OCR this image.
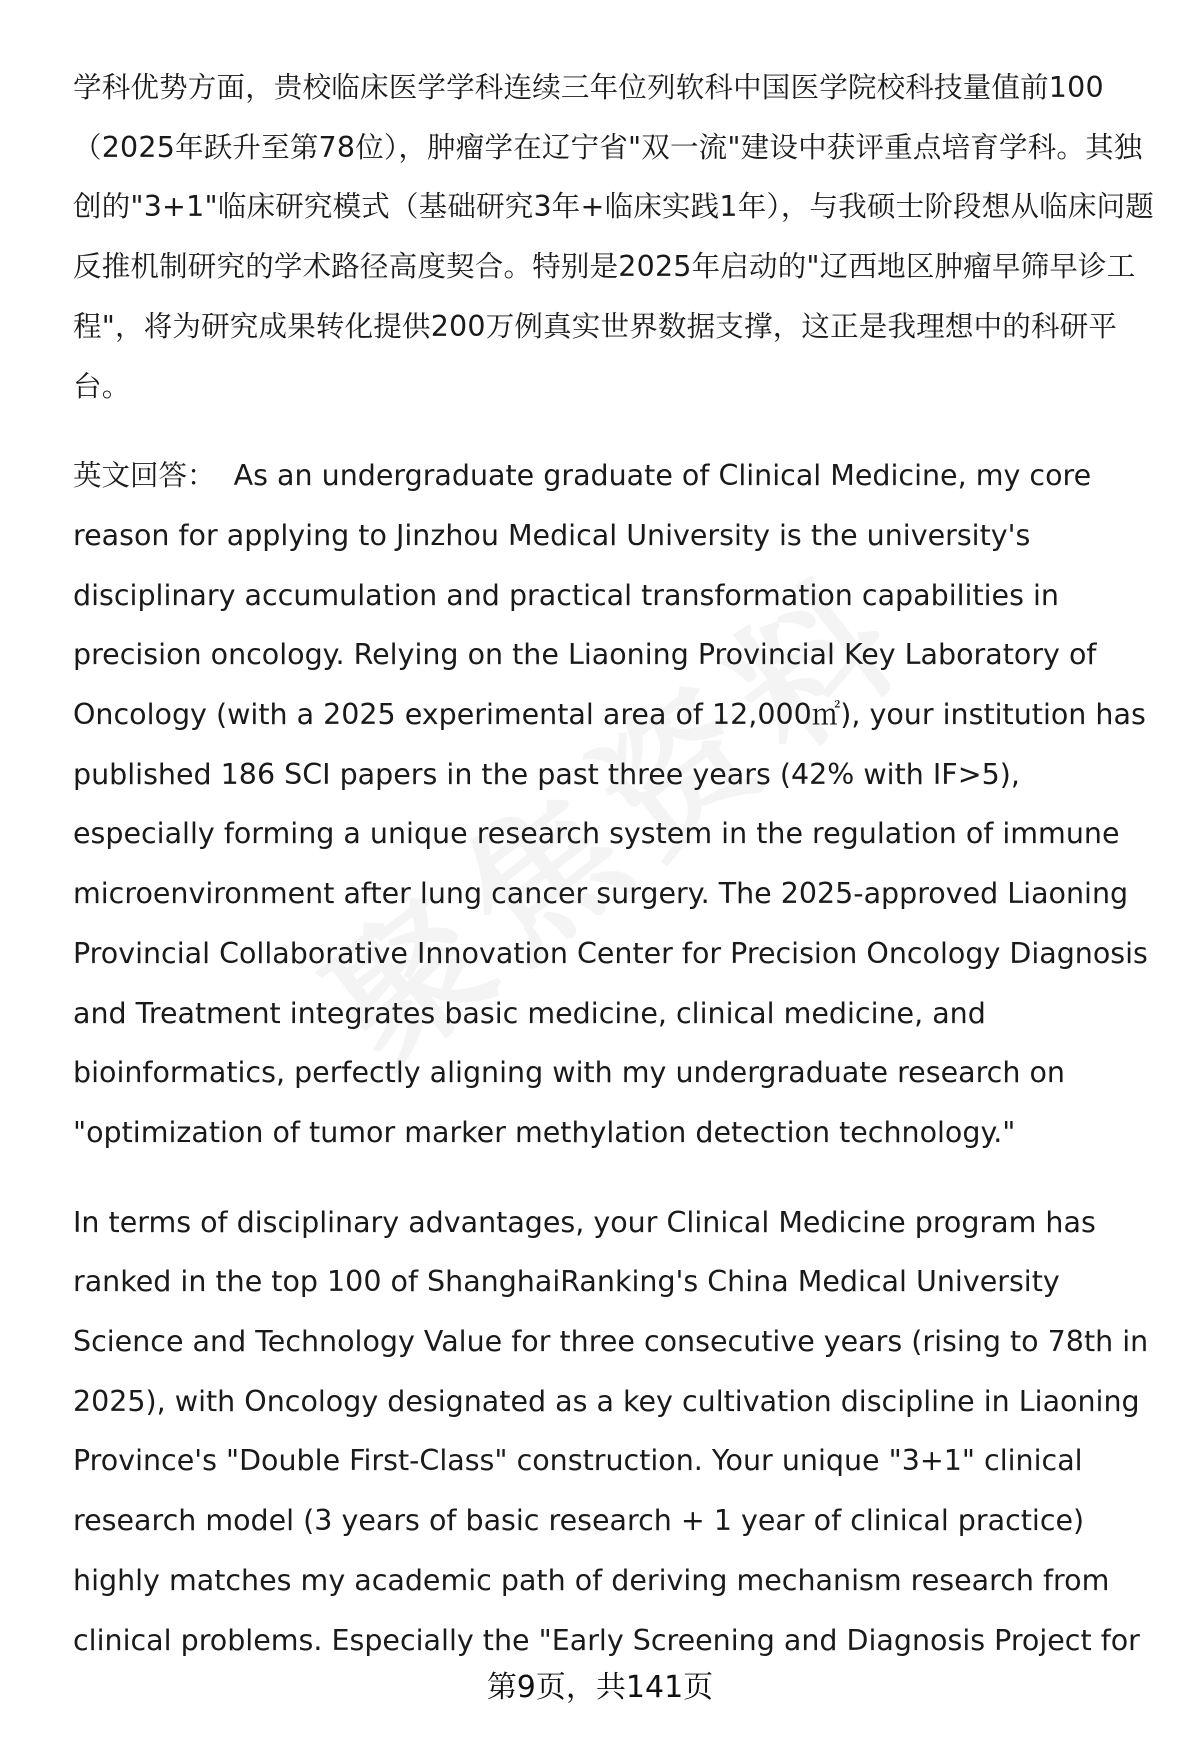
学科优势方面，贵校临床医学学科连续三年位列软科中国医学院校科技量值前100（2025年跃升至第78位），肿瘤学在辽宁省"双一流"建设中获评重点培育学科。其独创的"3+1"临床研究模式（基础研究3年+临床实践1年），与我硕士阶段想从临床问题反推机制研究的学术路径高度契合。特别是2025年启动的"辽西地区肿瘤早筛早诊工程"，将为研究成果转化提供200万例真实世界数据支撑，这正是我理想中的科研平台。

英文回答： As an undergraduate graduate of Clinical Medicine, my core reason for applying to Jinzhou Medical University is the university's disciplinary accumulation and practical transformation capabilities in precision oncology. Relying on the Liaoning Provincial Key Laboratory of Oncology (with a 2025 experimental area of 12,000㎡), your institution has published 186 SCI papers in the past three years (42% with IF>5), especially forming a unique research system in the regulation of immune microenvironment after lung cancer surgery. The 2025-approved Liaoning Provincial Collaborative Innovation Center for Precision Oncology Diagnosis and Treatment integrates basic medicine, clinical medicine, and bioinformatics, perfectly aligning with my undergraduate research on "optimization of tumor marker methylation detection technology."

In terms of disciplinary advantages, your Clinical Medicine program has ranked in the top 100 of ShanghaiRanking's China Medical University Science and Technology Value for three consecutive years (rising to 78th in 2025), with Oncology designated as a key cultivation discipline in Liaoning Province's "Double First-Class" construction. Your unique "3+1" clinical research model (3 years of basic research + 1 year of clinical practice) highly matches my academic path of deriving mechanism research from clinical problems. Especially the "Early Screening and Diagnosis Project for

第9页，共141页
